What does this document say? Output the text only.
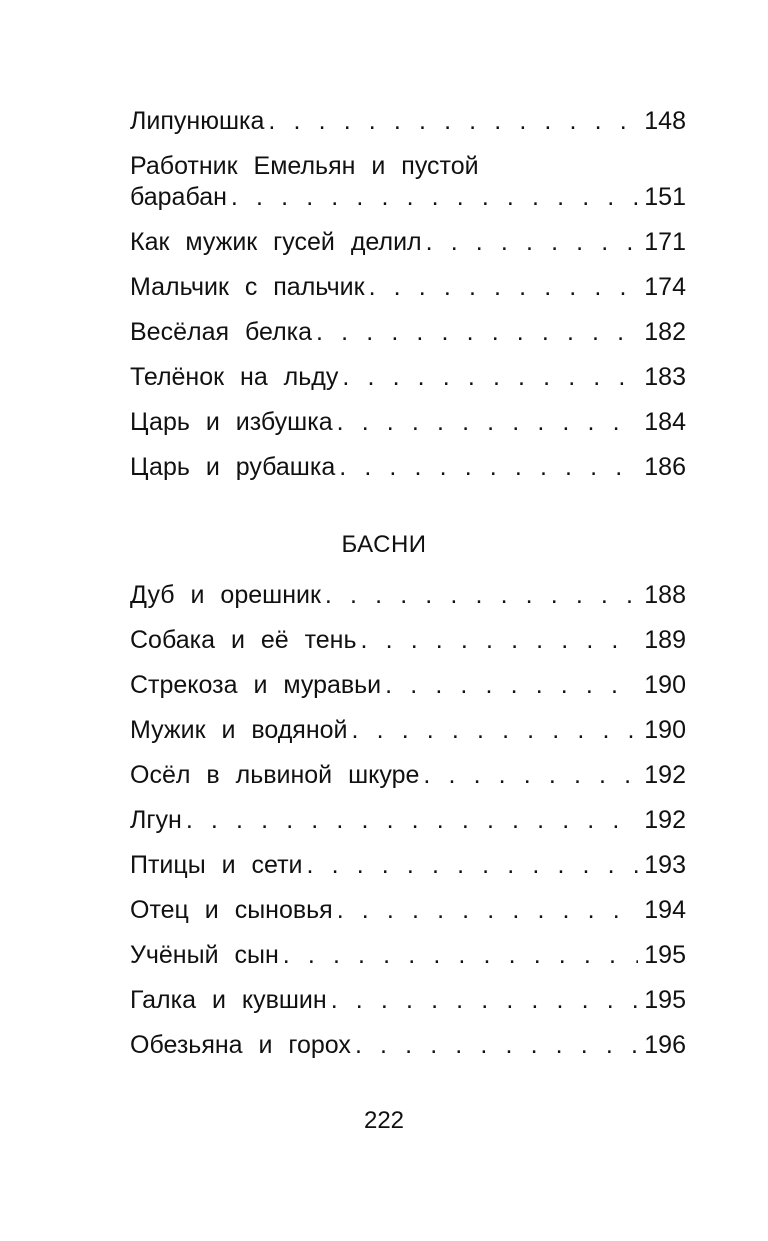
Липунюшка . . .	148
Работник Емельян и пустой
барабан . . .	151
Как мужик гусей делил . . .	171
Мальчик с пальчик . . .	174
Весёлая белка . . .	182
Телёнок на льду . . .	183
Царь и избушка . . .	184
Царь и рубашка . . .	186
БАСНИ
Дуб и орешник . . .	188
Собака и её тень . . .	189
Стрекоза и муравьи . . .	190
Мужик и водяной . . .	190
Осёл в львиной шкуре . . .	192
Лгун . . .	192
Птицы и сети . . .	193
Отец и сыновья . . .	194
Учёный сын . . .	195
Галка и кувшин . . .	195
Обезьяна и горох . . .	196
222
